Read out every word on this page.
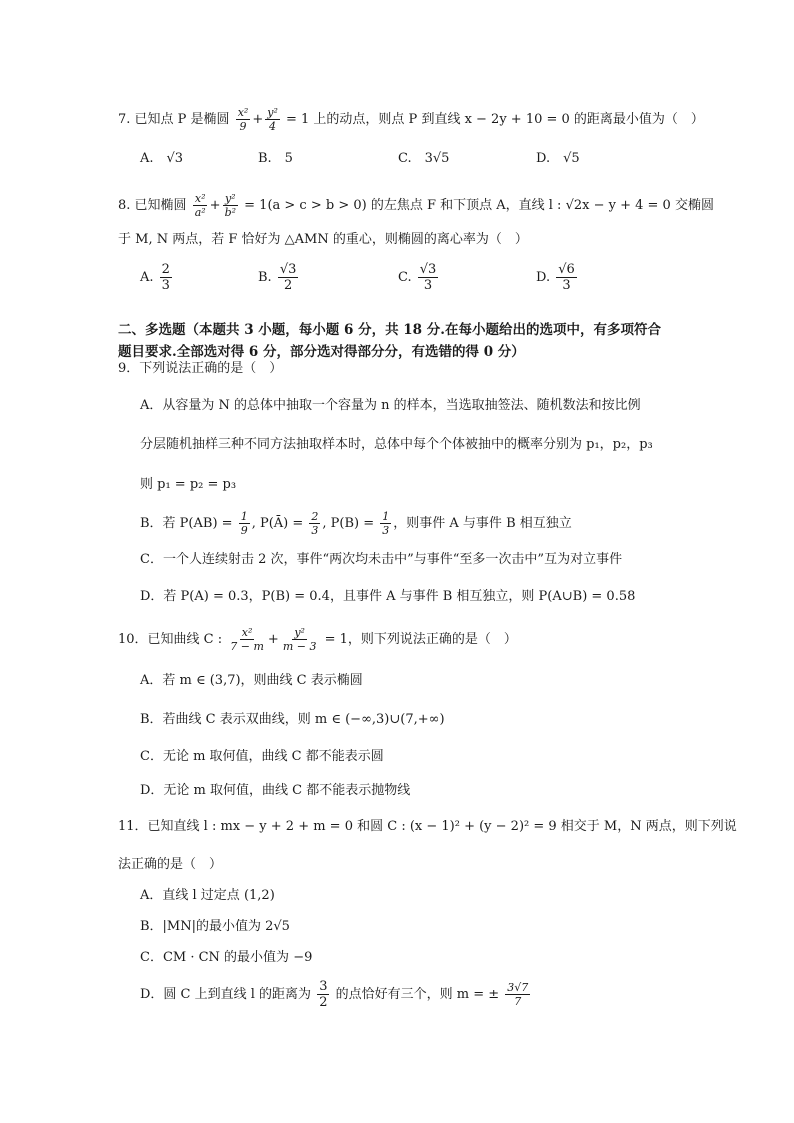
7. 已知点 P 是椭圆 $\frac{\text{x²}}{9} + \frac{\text{y²}}{4} = 1$ 上的动点，则点 P 到直线 x − 2y + 10 = 0 的距离最小值为（　）
A.　√3	B.　5	C.　3√5	D.　√5
8. 已知椭圆 $\frac{\text{x²}}{\text{a²}} + \frac{\text{y²}}{\text{b²}} = 1(a > c > b > 0)$ 的左焦点 F 和下顶点 A，直线 l : √2x − y + 4 = 0 交椭圆
于 M, N 两点，若 F 恰好为 △AMN 的重心，则椭圆的离心率为（　）
A. $\frac{2}{3}$	B. $\frac{√3}{2}$	C. $\frac{√3}{3}$	D. $\frac{√6}{3}$
二、多选题（本题共 3 小题，每小题 6 分，共 18 分.在每小题给出的选项中，有多项符合
题目要求.全部选对得 6 分，部分选对得部分分，有选错的得 0 分）
9．下列说法正确的是（　）
A．从容量为 N 的总体中抽取一个容量为 n 的样本，当选取抽签法、随机数法和按比例
分层随机抽样三种不同方法抽取样本时，总体中每个个体被抽中的概率分别为 p₁，p₂，p₃
则 p₁ = p₂ = p₃
B．若 $P(AB) = \frac{1}{9}$ , P(Ā) = $\frac{2}{3}$ , $P(B) = \frac{1}{3}$ ，则事件 A 与事件 B 相互独立
C．一个人连续射击 2 次，事件“两次均未击中”与事件“至多一次击中”互为对立事件
D．若 P(A) = 0.3，P(B) = 0.4，且事件 A 与事件 B 相互独立，则 P(A∪B) = 0.58
10．已知曲线 C : $\frac{\text{x²}}{7 - m} + \frac{\text{y²}}{m - 3} = 1$，则下列说法正确的是（　）
A．若 m ∈ (3,7)，则曲线 C 表示椭圆
B．若曲线 C 表示双曲线，则 m ∈ (−∞,3)∪(7,+∞)
C．无论 m 取何值，曲线 C 都不能表示圆
D．无论 m 取何值，曲线 C 都不能表示抛物线
11．已知直线 l : mx − y + 2 + m = 0 和圆 C : (x − 1)² + (y − 2)² = 9 相交于 M，N 两点，则下列说
法正确的是（　）
A．直线 l 过定点 (1,2)
B．|MN|的最小值为 2√5
C．CM · CN 的最小值为 −9
D．圆 C 上到直线 l 的距离为 $\frac{3}{2}$ 的点恰好有三个，则 m = ± $\frac{3√7}{7}$
